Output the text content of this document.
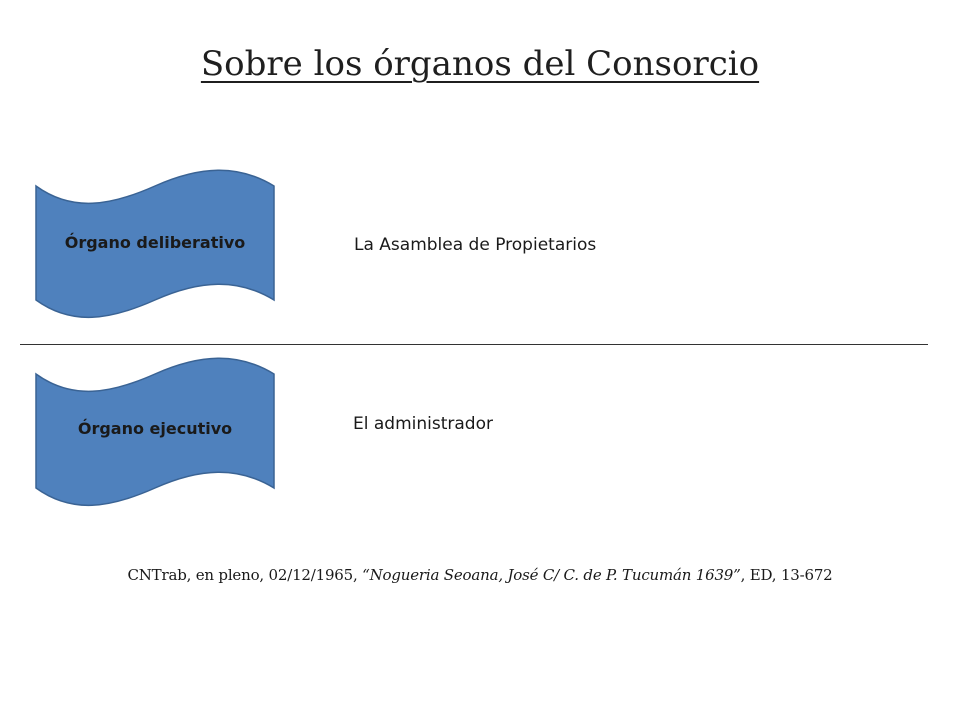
Sobre los órganos del Consorcio
Órgano deliberativo	La Asamblea de Propietarios
Órgano ejecutivo	El administrador
CNTrab, en pleno, 02/12/1965, “Nogueria Seoana, José C/ C. de P. Tucumán 1639”, ED, 13-672
